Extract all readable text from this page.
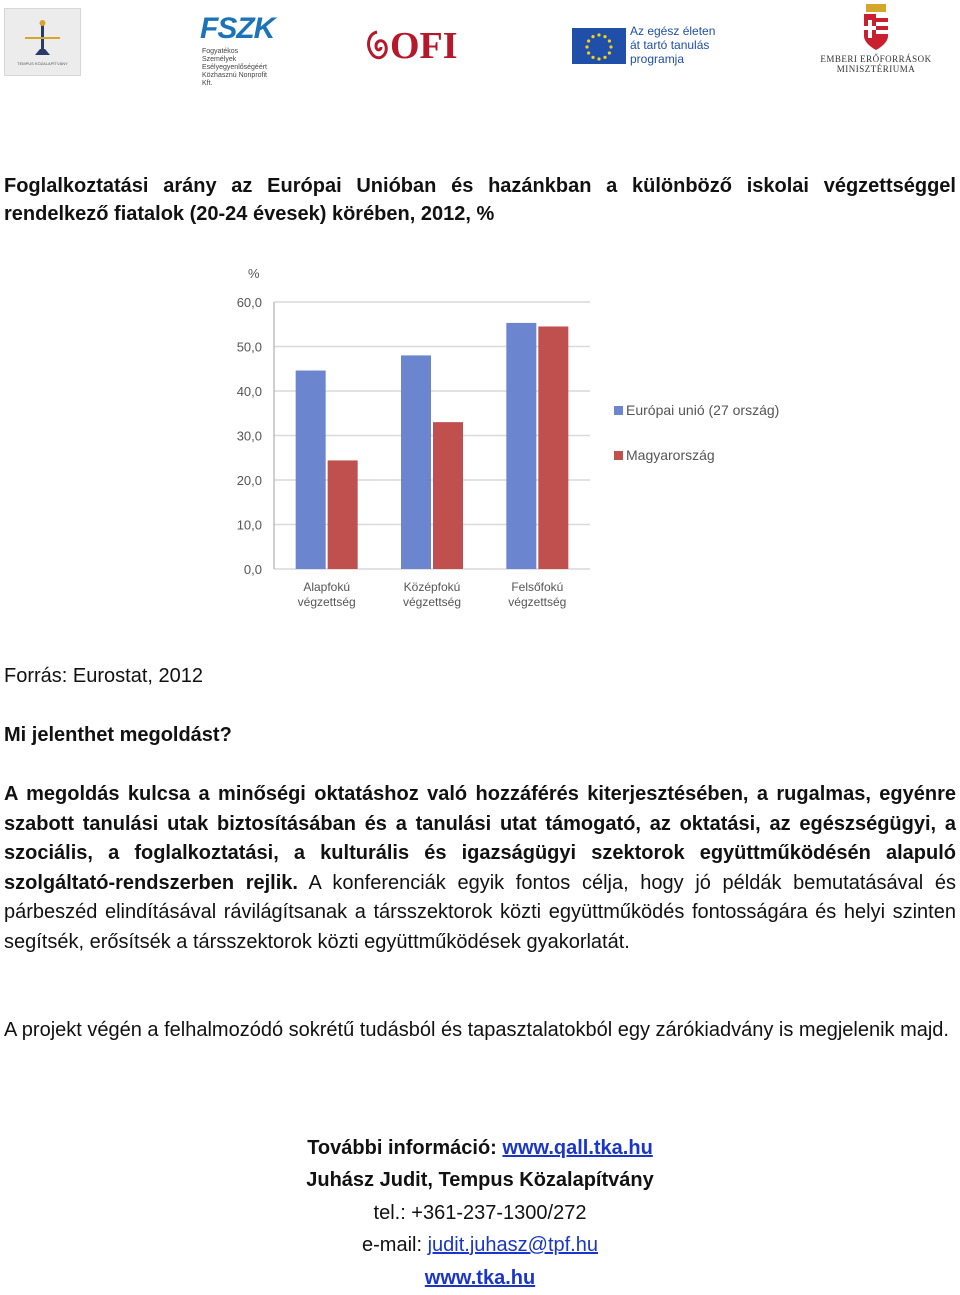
TEMPUS KÖZALAPÍTVÁNY
FSZK
Fogyatékos Személyek
Esélyegyenlőségéért
Közhasznú Nonprofit Kft.
OFI	Az egész életen
át tartó tanulás
programja	EMBERI ERŐFORRÁSOK
MINISZTÉRIUMA

Foglalkoztatási arány az Európai Unióban és hazánkban a különböző iskolai végzettséggel rendelkező fiatalok (20-24 évesek) körében, 2012, %

%
0,0
10,0
20,0
30,0
40,0
50,0
60,0
Alapfokú
végzettség
Középfokú
végzettség
Felsőfokú
végzettség
Európai unió (27 ország)
Magyarország

Forrás: Eurostat, 2012

Mi jelenthet megoldást?

A megoldás kulcsa a minőségi oktatáshoz való hozzáférés kiterjesztésében, a rugalmas, egyénre szabott tanulási utak biztosításában és a tanulási utat támogató, az oktatási, az egészségügyi, a szociális, a foglalkoztatási, a kulturális és igazságügyi szektorok együttműködésén alapuló szolgáltató-rendszerben rejlik. A konferenciák egyik fontos célja, hogy jó példák bemutatásával és párbeszéd elindításával rávilágítsanak a társszektorok közti együttműködés fontosságára és helyi szinten segítsék, erősítsék a társszektorok közti együttműködések gyakorlatát.

A projekt végén a felhalmozódó sokrétű tudásból és tapasztalatokból egy zárókiadvány is megjelenik majd.

További információ: www.qall.tka.hu
Juhász Judit, Tempus Közalapítvány
tel.: +361-237-1300/272
e-mail: judit.juhasz@tpf.hu
www.tka.hu
